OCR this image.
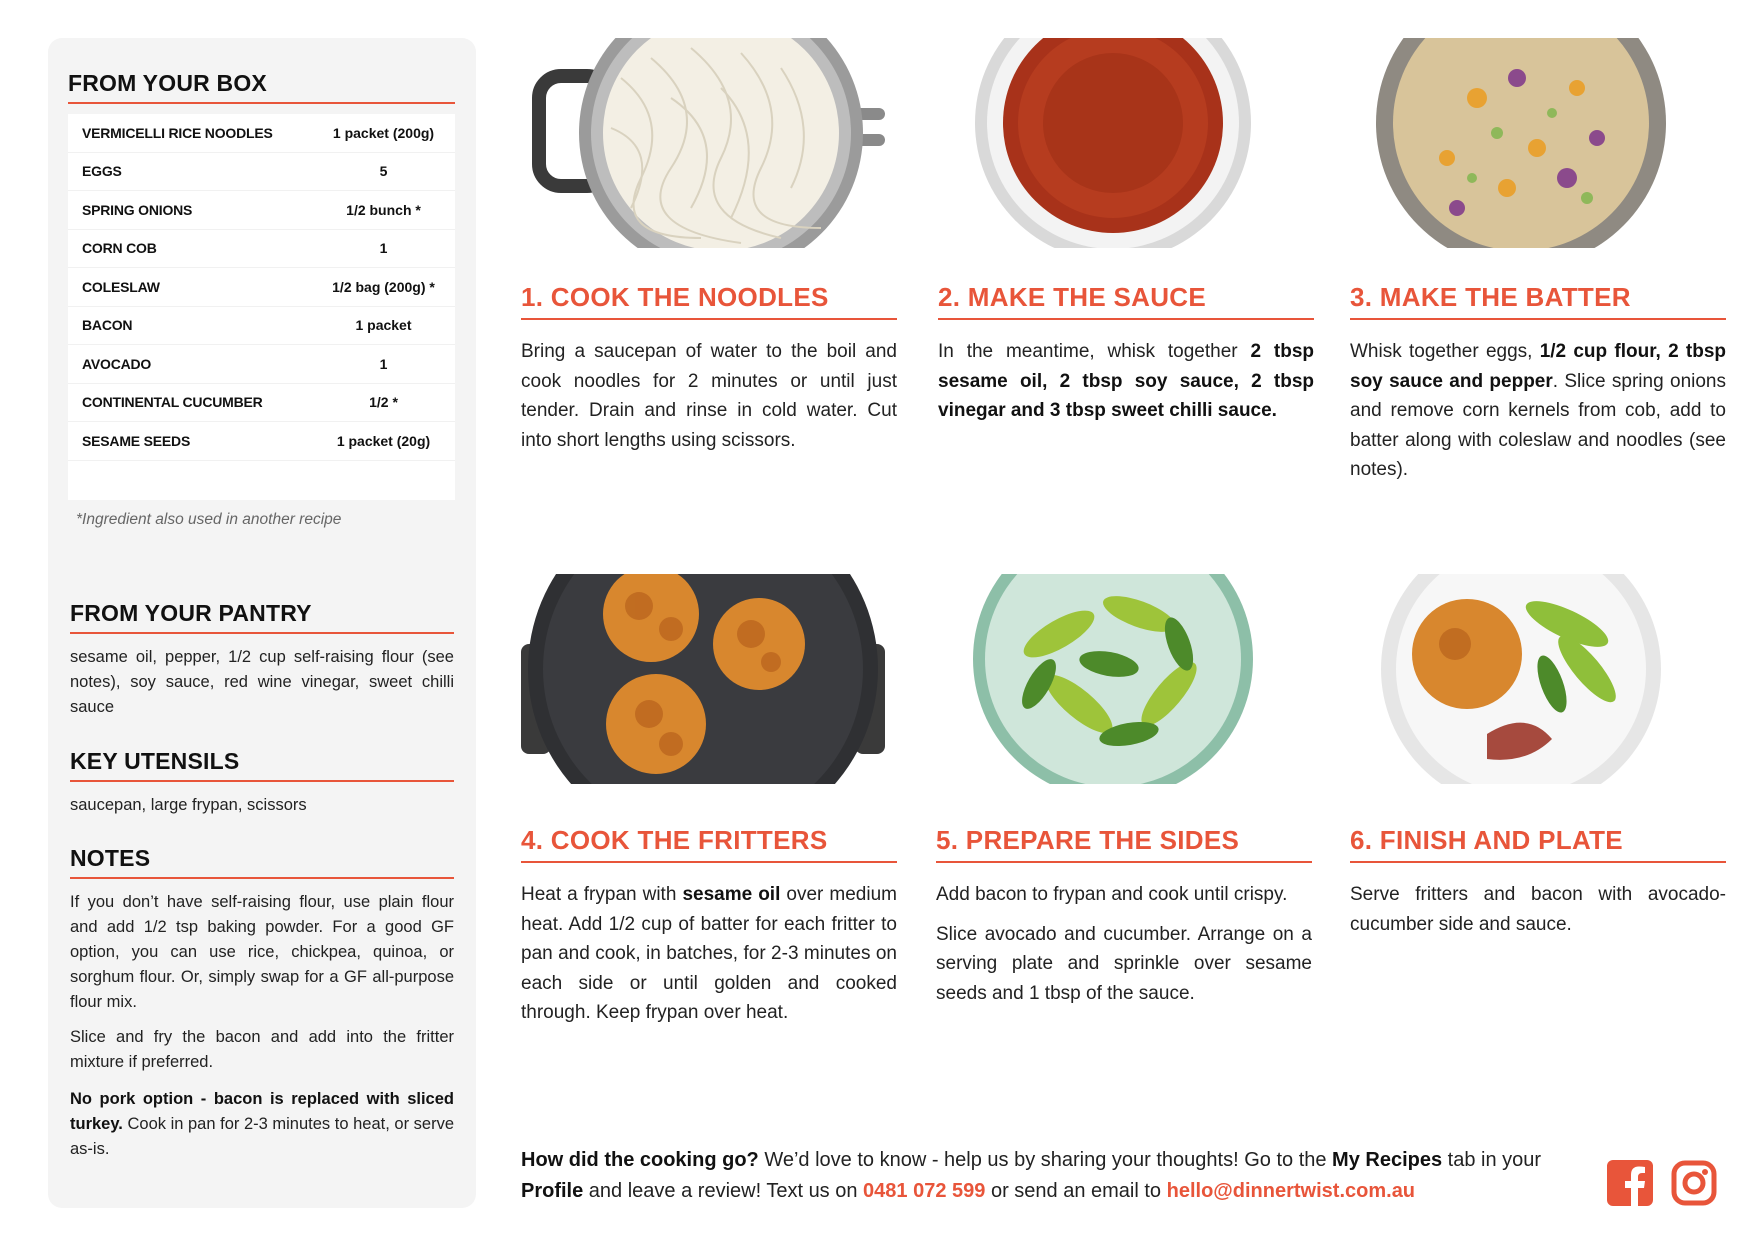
FROM YOUR BOX
VERMICELLI RICE NOODLES	1 packet (200g)
EGGS	5
SPRING ONIONS	1/2 bunch *
CORN COB	1
COLESLAW	1/2 bag (200g) *
BACON	1 packet
AVOCADO	1
CONTINENTAL CUCUMBER	1/2 *
SESAME SEEDS	1 packet (20g)
*Ingredient also used in another recipe
FROM YOUR PANTRY

sesame oil, pepper, 1/2 cup self-raising flour (see notes), soy sauce, red wine vinegar, sweet chilli sauce

KEY UTENSILS

saucepan, large frypan, scissors

NOTES

If you don’t have self-raising flour, use plain flour and add 1/2 tsp baking powder. For a good GF option, you can use rice, chickpea, quinoa, or sorghum flour. Or, simply swap for a GF all-purpose flour mix.

Slice and fry the bacon and add into the fritter mixture if preferred.

No pork option - bacon is replaced with sliced turkey. Cook in pan for 2-3 minutes to heat, or serve as-is.

1. COOK THE NOODLES

Bring a saucepan of water to the boil and cook noodles for 2 minutes or until just tender. Drain and rinse in cold water. Cut into short lengths using scissors.

2. MAKE THE SAUCE

In the meantime, whisk together 2 tbsp sesame oil, 2 tbsp soy sauce, 2 tbsp vinegar and 3 tbsp sweet chilli sauce.

3. MAKE THE BATTER

Whisk together eggs, 1/2 cup flour, 2 tbsp soy sauce and pepper. Slice spring onions and remove corn kernels from cob, add to batter along with coleslaw and noodles (see notes).

4. COOK THE FRITTERS

Heat a frypan with sesame oil over medium heat. Add 1/2 cup of batter for each fritter to pan and cook, in batches, for 2-3 minutes on each side or until golden and cooked through. Keep frypan over heat.

5. PREPARE THE SIDES

Add bacon to frypan and cook until crispy.

Slice avocado and cucumber. Arrange on a serving plate and sprinkle over sesame seeds and 1 tbsp of the sauce.

6. FINISH AND PLATE

Serve fritters and bacon with avocado-cucumber side and sauce.

How did the cooking go? We’d love to know - help us by sharing your thoughts! Go to the My Recipes tab in your Profile and leave a review! Text us on 0481 072 599 or send an email to hello@dinnertwist.com.au
